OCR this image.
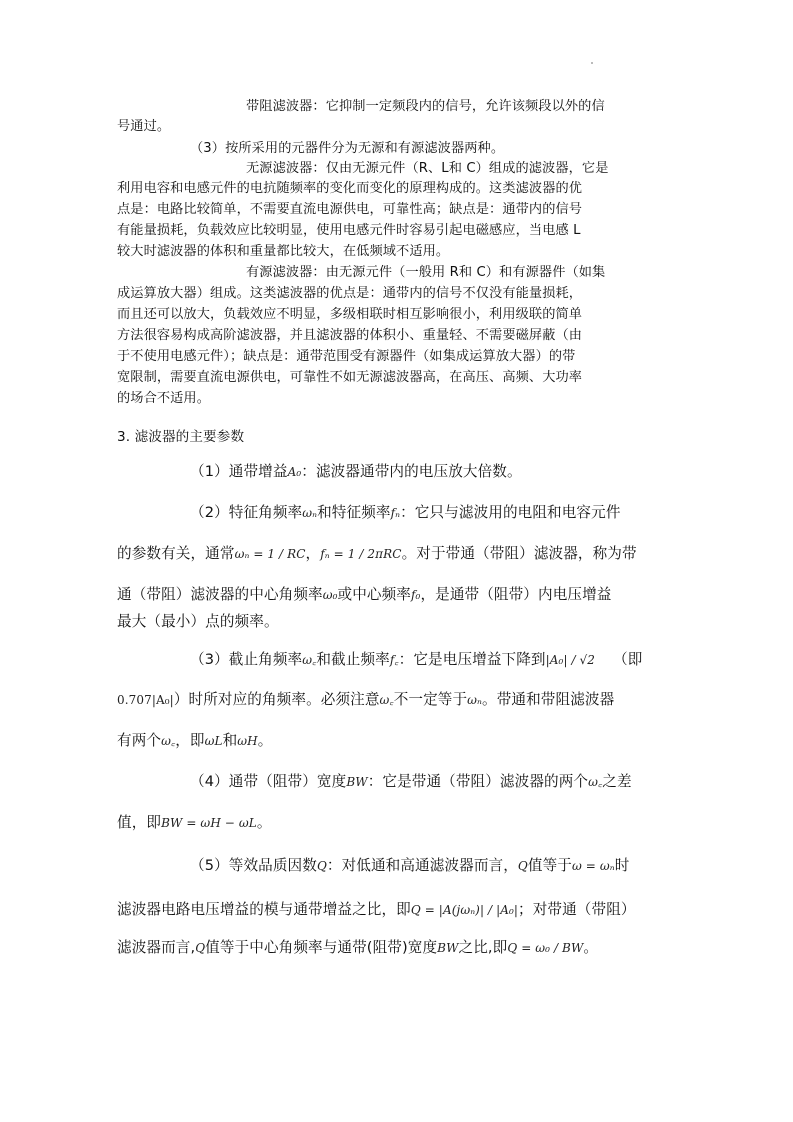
带阻滤波器：它抑制一定频段内的信号，允许该频段以外的信
号通过。
（3）按所采用的元器件分为无源和有源滤波器两种。
无源滤波器：仅由无源元件（R、L和 C）组成的滤波器，它是
利用电容和电感元件的电抗随频率的变化而变化的原理构成的。这类滤波器的优
点是：电路比较简单，不需要直流电源供电，可靠性高；缺点是：通带内的信号
有能量损耗，负载效应比较明显，使用电感元件时容易引起电磁感应，当电感 L
较大时滤波器的体积和重量都比较大，在低频域不适用。
有源滤波器：由无源元件（一般用 R和 C）和有源器件（如集
成运算放大器）组成。这类滤波器的优点是：通带内的信号不仅没有能量损耗，
而且还可以放大，负载效应不明显，多级相联时相互影响很小，利用级联的简单
方法很容易构成高阶滤波器，并且滤波器的体积小、重量轻、不需要磁屏蔽（由
于不使用电感元件）；缺点是：通带范围受有源器件（如集成运算放大器）的带
宽限制，需要直流电源供电，可靠性不如无源滤波器高，在高压、高频、大功率
的场合不适用。
3. 滤波器的主要参数
（1）通带增益A₀：滤波器通带内的电压放大倍数。
（2）特征角频率ωₙ和特征频率fₙ：它只与滤波用的电阻和电容元件
的参数有关，通常ωₙ = 1 / RC，fₙ = 1 / 2πRC。对于带通（带阻）滤波器，称为带
通（带阻）滤波器的中心角频率ω₀或中心频率f₀，是通带（阻带）内电压增益
最大（最小）点的频率。
（3）截止角频率ω꜀和截止频率f꜀：它是电压增益下降到|A₀| / √2 （即
0.707|A₀|）时所对应的角频率。必须注意ω꜀不一定等于ωₙ。带通和带阻滤波器
有两个ω꜀，即ωL和ωH。
（4）通带（阻带）宽度BW：它是带通（带阻）滤波器的两个ω꜀之差
值，即BW = ωH − ωL。
（5）等效品质因数Q：对低通和高通滤波器而言，Q值等于ω = ωₙ时
滤波器电路电压增益的模与通带增益之比，即Q = |A(jωₙ)| / |A₀|；对带通（带阻）
滤波器而言,Q值等于中心角频率与通带(阻带)宽度BW之比,即Q = ω₀ / BW。
